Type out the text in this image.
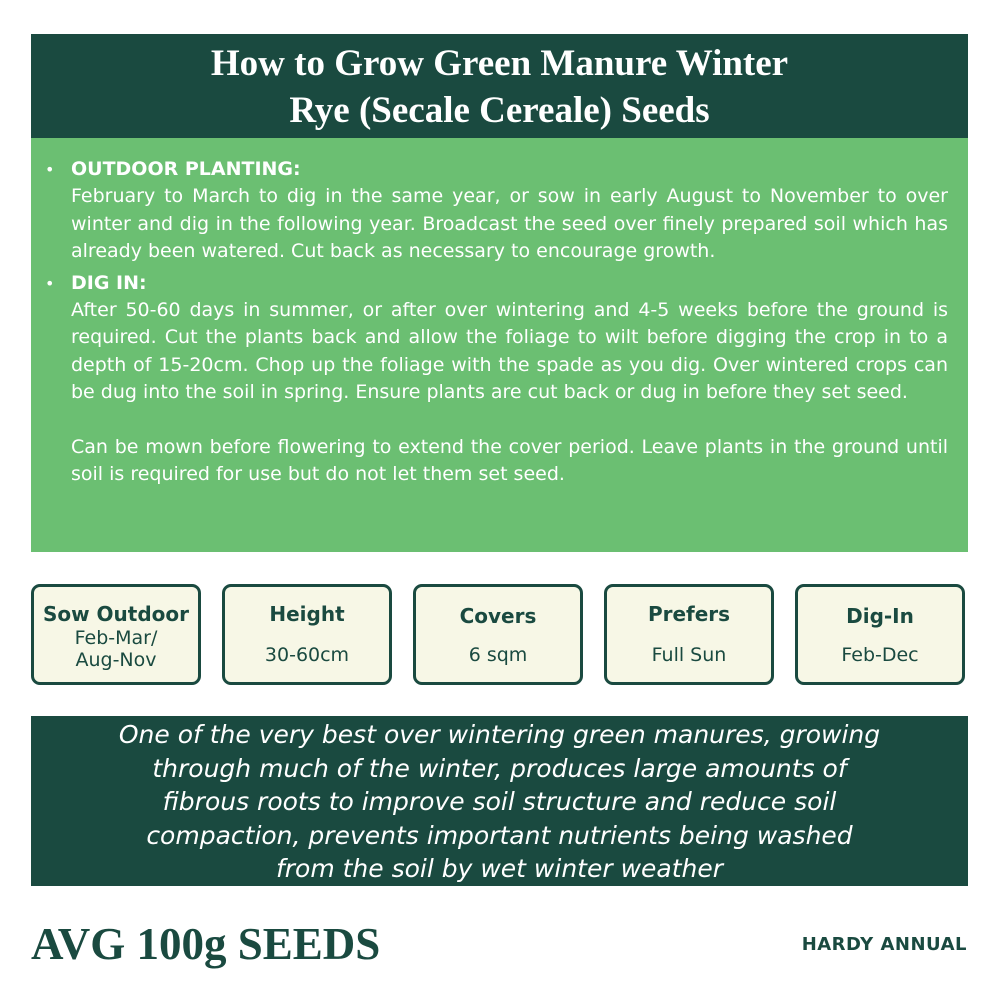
How to Grow Green Manure Winter
Rye (Secale Cereale) Seeds
• OUTDOOR PLANTING:
February to March to dig in the same year, or sow in early August to November to over winter and dig in the following year. Broadcast the seed over finely prepared soil which has already been watered. Cut back as necessary to encourage growth.
• DIG IN:
After 50-60 days in summer, or after over wintering and 4-5 weeks before the ground is required. Cut the plants back and allow the foliage to wilt before digging the crop in to a depth of 15-20cm. Chop up the foliage with the spade as you dig. Over wintered crops can be dug into the soil in spring. Ensure plants are cut back or dug in before they set seed.
Can be mown before flowering to extend the cover period. Leave plants in the ground until soil is required for use but do not let them set seed.
Sow Outdoor
Feb-Mar/
Aug-Nov
Height
30-60cm
Covers
6 sqm
Prefers
Full Sun
Dig-In
Feb-Dec
One of the very best over wintering green manures, growing
through much of the winter, produces large amounts of
fibrous roots to improve soil structure and reduce soil
compaction, prevents important nutrients being washed
from the soil by wet winter weather
AVG 100g SEEDS	HARDY ANNUAL
